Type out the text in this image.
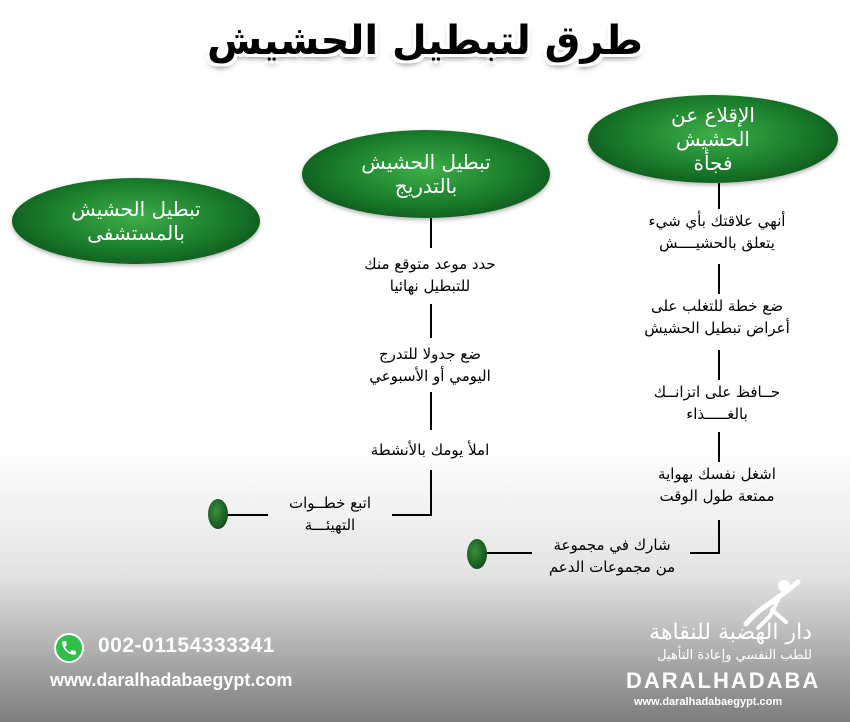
طرق لتبطيل الحشيش
الإقلاع عن الحشيش
فجأة
تبطيل الحشيش
بالتدريج
تبطيل الحشيش
بالمستشفى	أنهي علاقتك بأي شيء
يتعلق بالحشيــــش
ضع خطة للتغلب على
أعراض تبطيل الحشيش
حــافظ على اتزانــك
بالغـــــذاء
اشغل نفسك بهواية
ممتعة طول الوقت
شارك في مجموعة
من مجموعات الدعم
حدد موعد متوقع منك
للتبطيل نهائيا
ضع جدولا للتدرج
اليومي أو الأسبوعي
املأ يومك بالأنشطة
اتبع خطــوات
التهيئـــة
002-01154333341
www.daralhadabaegypt.com
دار الهضبة للنقاهة
للطب النفسي وإعادة التأهيل
DARALHADABA
www.daralhadabaegypt.com
